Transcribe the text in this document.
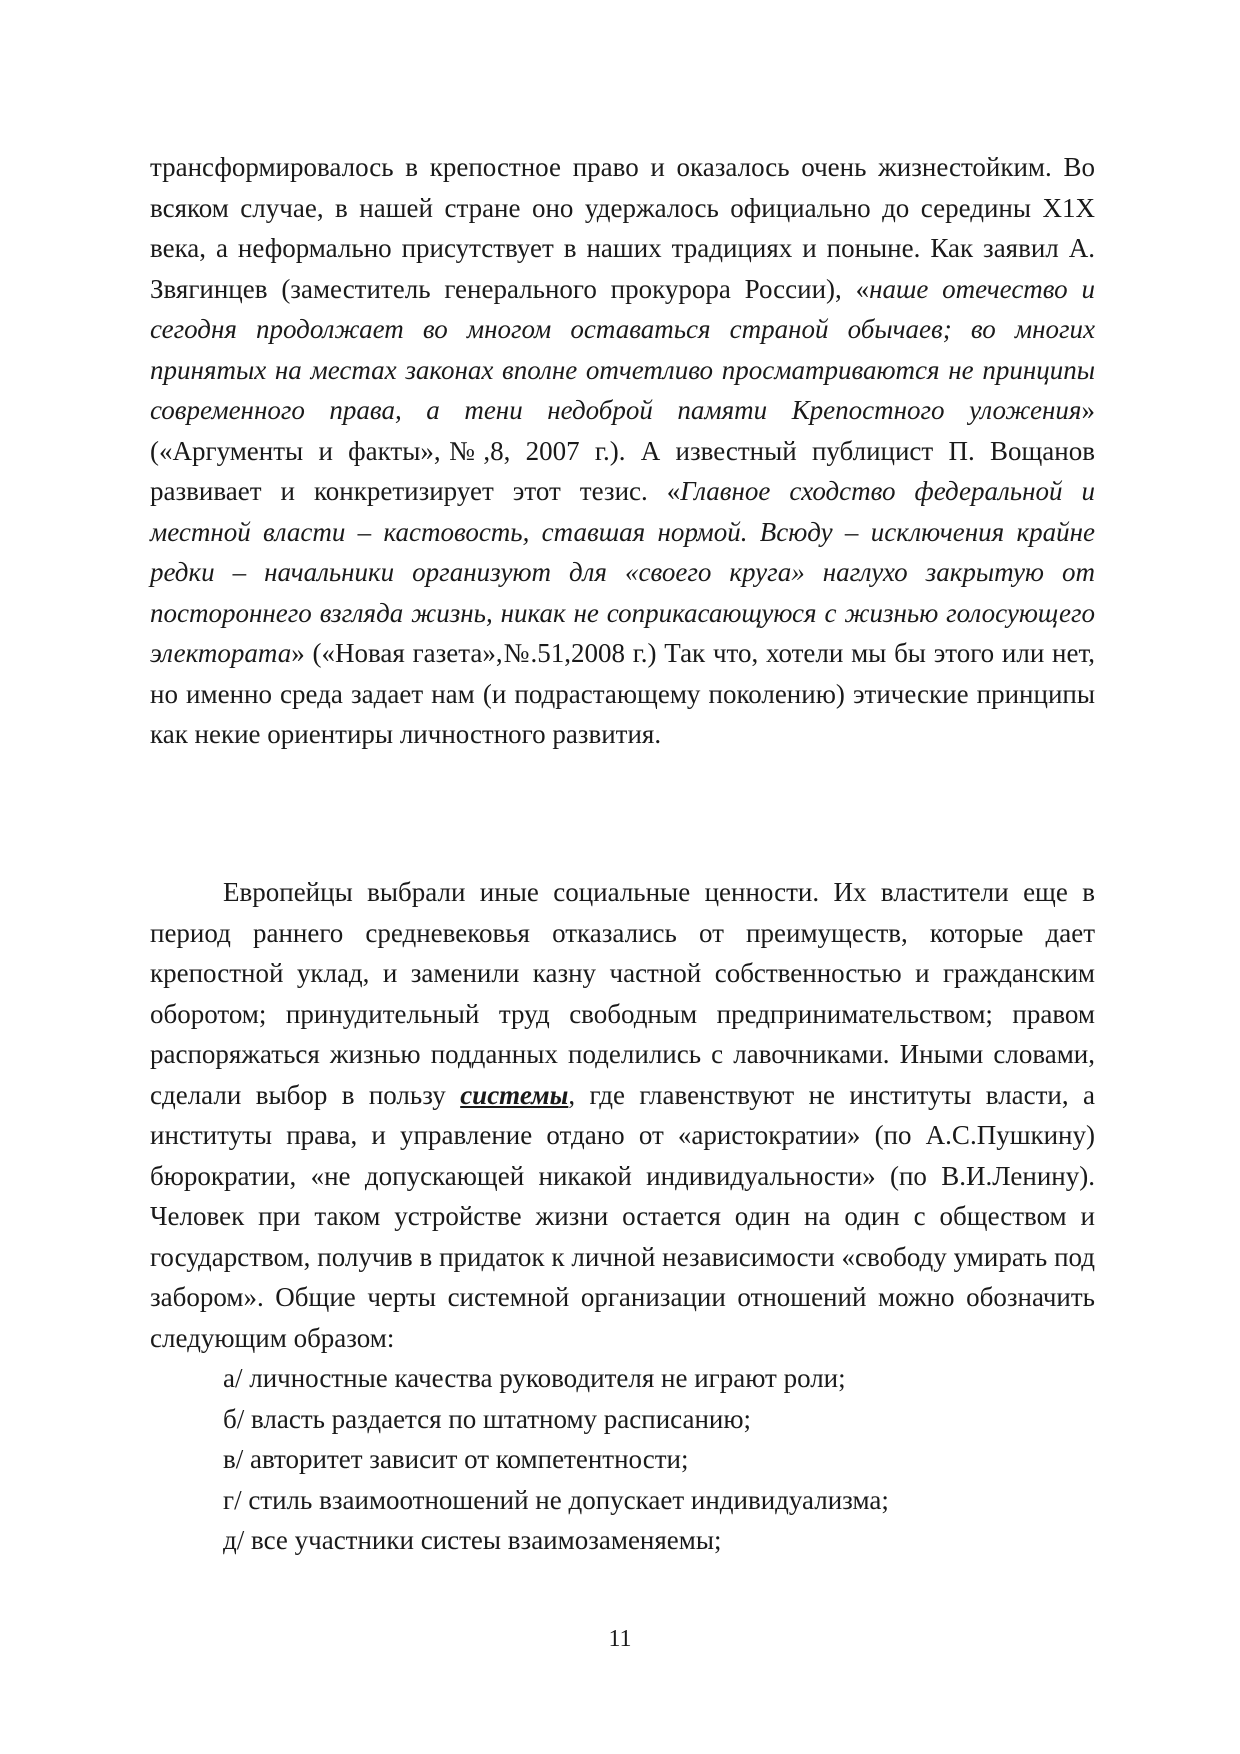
трансформировалось в крепостное право и оказалось очень жизнестойким. Во всяком случае, в нашей стране оно удержалось официально до середины Х1Х века, а неформально присутствует в наших традициях и поныне. Как заявил А. Звягинцев (заместитель генерального прокурора России), «наше отечество и сегодня продолжает во многом оставаться страной обычаев; во многих принятых на местах законах вполне отчетливо просматриваются не принципы современного права, а тени недоброй памяти Крепостного уложения» («Аргументы и факты»,№,8, 2007 г.). А известный публицист П. Вощанов развивает и конкретизирует этот тезис. «Главное сходство федеральной и местной власти – кастовость, ставшая нормой. Всюду – исключения крайне редки – начальники организуют для «своего круга» наглухо закрытую от постороннего взгляда жизнь, никак не соприкасающуюся с жизнью голосующего электората» («Новая газета»,№.51,2008 г.) Так что, хотели мы бы этого или нет, но именно среда задает нам (и подрастающему поколению) этические принципы как некие ориентиры личностного развития.

Европейцы выбрали иные социальные ценности. Их властители еще в период раннего средневековья отказались от преимуществ, которые дает крепостной уклад, и заменили казну частной собственностью и гражданским оборотом; принудительный труд свободным предпринимательством; правом распоряжаться жизнью подданных поделились с лавочниками. Иными словами, сделали выбор в пользу системы, где главенствуют не институты власти, а институты права, и управление отдано от «аристократии» (по А.С.Пушкину) бюрократии, «не допускающей никакой индивидуальности» (по В.И.Ленину). Человек при таком устройстве жизни остается один на один с обществом и государством, получив в придаток к личной независимости «свободу умирать под забором». Общие черты системной организации отношений можно обозначить следующим образом:

а/ личностные качества руководителя не играют роли;
б/ власть раздается по штатному расписанию;
в/ авторитет зависит от компетентности;
г/ стиль взаимоотношений не допускает индивидуализма;
д/ все участники систеы взаимозаменяемы;
11
